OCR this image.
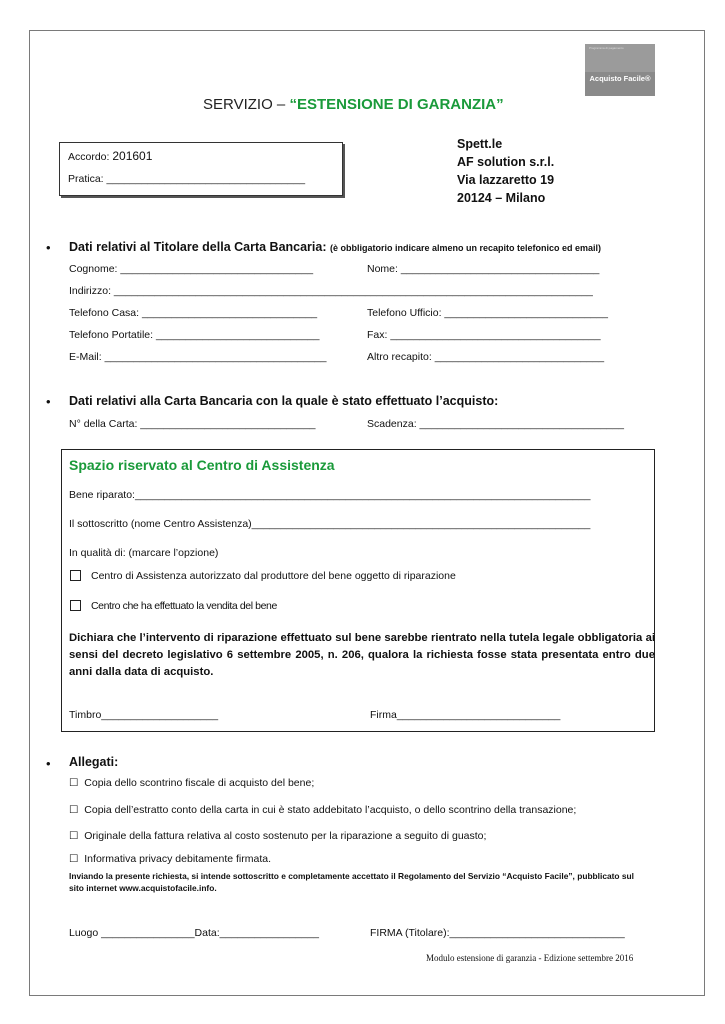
Programma di pagamento
Acquisto Facile®
SERVIZIO – “ESTENSIONE DI GARANZIA”
Accordo: 201601
Pratica: __________________________________
Spett.le
AF solution s.r.l.
Via lazzaretto 19
20124 – Milano
• Dati relativi al Titolare della Carta Bancaria: (è obbligatorio indicare almeno un recapito telefonico ed email)
Cognome: _________________________________	Nome: __________________________________
Indirizzo: __________________________________________________________________________________
Telefono Casa: ______________________________	Telefono Ufficio: ____________________________
Telefono Portatile: ____________________________	Fax: ____________________________________
E-Mail: ______________________________________	Altro recapito: _____________________________
• Dati relativi alla Carta Bancaria con la quale è stato effettuato l’acquisto:
N° della Carta: ______________________________	Scadenza: ___________________________________
Spazio riservato al Centro di Assistenza
Bene riparato:______________________________________________________________________________
Il sottoscritto (nome Centro Assistenza)__________________________________________________________
In qualità di: (marcare l’opzione)
Centro di Assistenza autorizzato dal produttore del bene oggetto di riparazione
Centro che ha effettuato la vendita del bene
Dichiara che l’intervento di riparazione effettuato sul bene sarebbe rientrato nella tutela legale obbligatoria ai sensi del decreto legislativo 6 settembre 2005, n. 206, qualora la richiesta fosse stata presentata entro due anni dalla data di acquisto.
Timbro____________________	Firma____________________________
• Allegati:
☐ Copia dello scontrino fiscale di acquisto del bene;
☐ Copia dell’estratto conto della carta in cui è stato addebitato l’acquisto, o dello scontrino della transazione;
☐ Originale della fattura relativa al costo sostenuto per la riparazione a seguito di guasto;
☐ Informativa privacy debitamente firmata.
Inviando la presente richiesta, si intende sottoscritto e completamente accettato il Regolamento del Servizio “Acquisto Facile”, pubblicato sul
sito internet www.acquistofacile.info.
Luogo ________________Data:_________________	FIRMA (Titolare):______________________________
Modulo estensione di garanzia - Edizione settembre 2016
